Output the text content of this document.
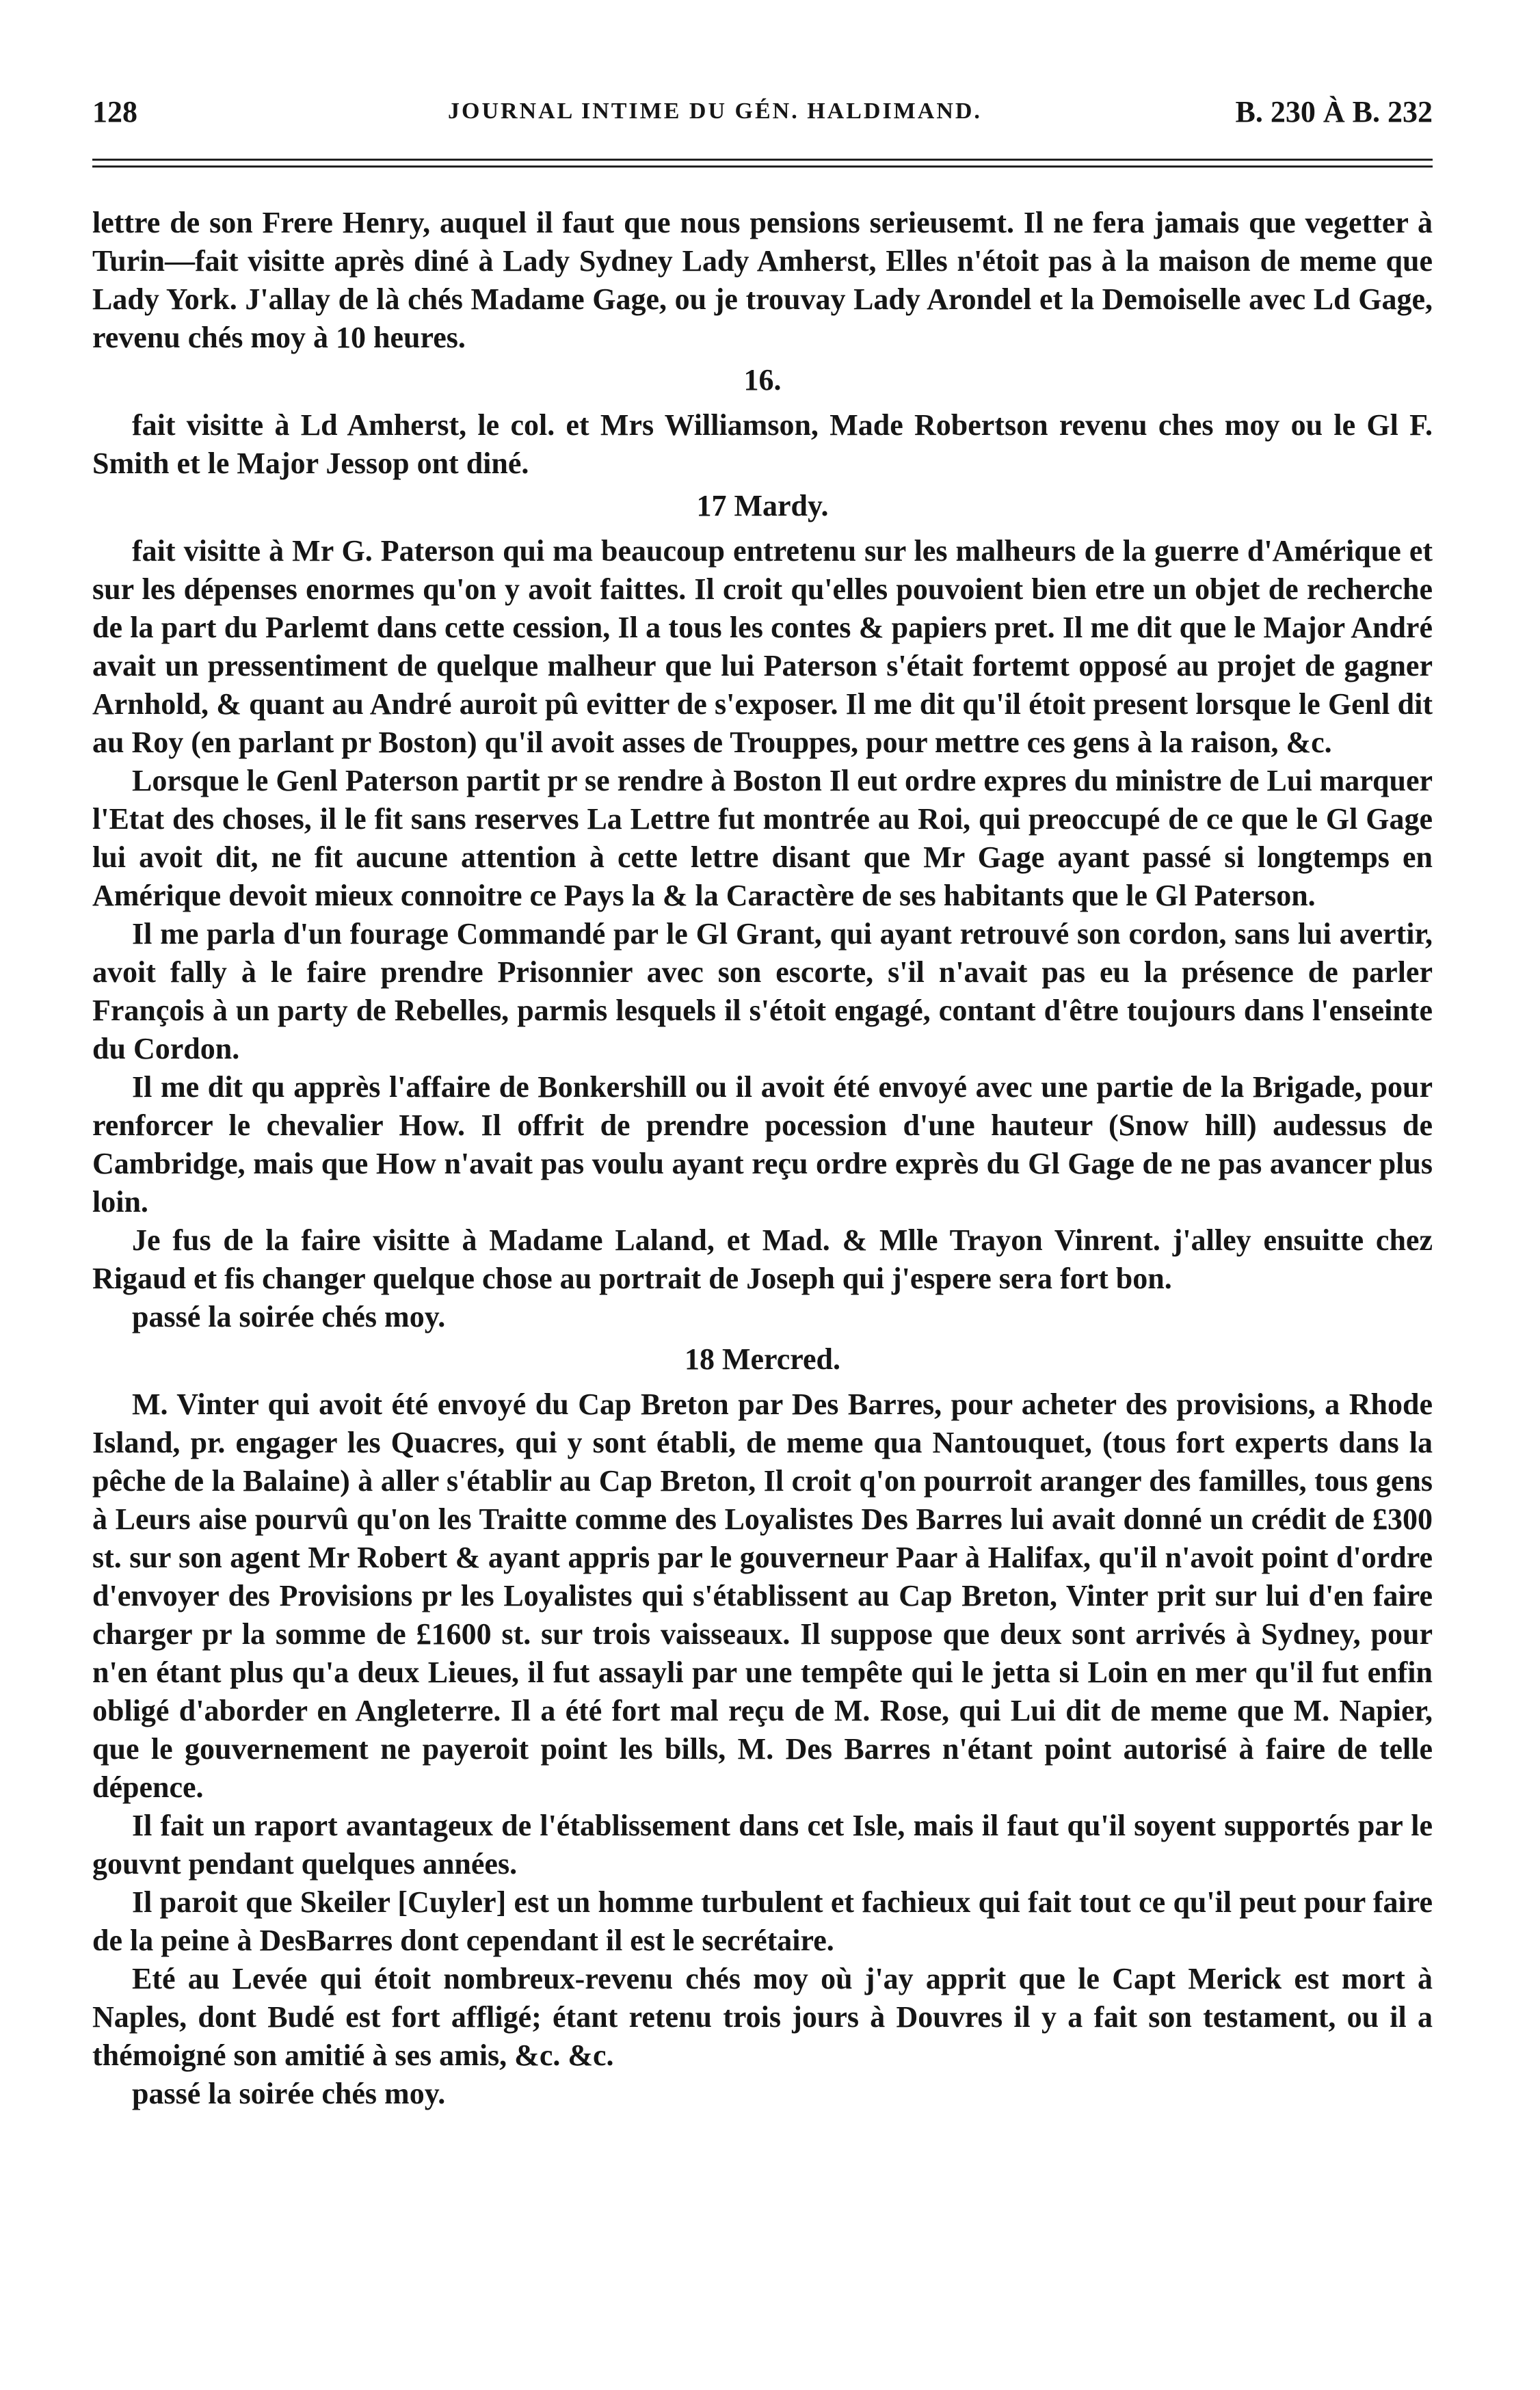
128	JOURNAL INTIME DU GÉN. HALDIMAND.	B. 230 À B. 232

lettre de son Frere Henry, auquel il faut que nous pensions serieusemt. Il ne fera jamais que vegetter à Turin—fait visitte après diné à Lady Sydney Lady Amherst, Elles n'étoit pas à la maison de meme que Lady York. J'allay de là chés Madame Gage, ou je trouvay Lady Arondel et la Demoiselle avec Ld Gage, revenu chés moy à 10 heures.

16.

fait visitte à Ld Amherst, le col. et Mrs Williamson, Made Robertson revenu ches moy ou le Gl F. Smith et le Major Jessop ont diné.

17 Mardy.

fait visitte à Mr G. Paterson qui ma beaucoup entretenu sur les malheurs de la guerre d'Amérique et sur les dépenses enormes qu'on y avoit faittes. Il croit qu'elles pouvoient bien etre un objet de recherche de la part du Parlemt dans cette cession, Il a tous les contes & papiers pret. Il me dit que le Major André avait un pressentiment de quelque malheur que lui Paterson s'était fortemt opposé au projet de gagner Arnhold, & quant au André auroit pû evitter de s'exposer. Il me dit qu'il étoit present lorsque le Genl dit au Roy (en parlant pr Boston) qu'il avoit asses de Trouppes, pour mettre ces gens à la raison, &c.

Lorsque le Genl Paterson partit pr se rendre à Boston Il eut ordre expres du ministre de Lui marquer l'Etat des choses, il le fit sans reserves La Lettre fut montrée au Roi, qui preoccupé de ce que le Gl Gage lui avoit dit, ne fit aucune attention à cette lettre disant que Mr Gage ayant passé si longtemps en Amérique devoit mieux connoitre ce Pays la & la Caractère de ses habitants que le Gl Paterson.

Il me parla d'un fourage Commandé par le Gl Grant, qui ayant retrouvé son cordon, sans lui avertir, avoit fally à le faire prendre Prisonnier avec son escorte, s'il n'avait pas eu la présence de parler François à un party de Rebelles, parmis lesquels il s'étoit engagé, contant d'être toujours dans l'enseinte du Cordon.

Il me dit qu apprès l'affaire de Bonkershill ou il avoit été envoyé avec une partie de la Brigade, pour renforcer le chevalier How. Il offrit de prendre pocession d'une hauteur (Snow hill) audessus de Cambridge, mais que How n'avait pas voulu ayant reçu ordre exprès du Gl Gage de ne pas avancer plus loin.

Je fus de la faire visitte à Madame Laland, et Mad. & Mlle Trayon Vinrent. j'alley ensuitte chez Rigaud et fis changer quelque chose au portrait de Joseph qui j'espere sera fort bon.

passé la soirée chés moy.

18 Mercred.

M. Vinter qui avoit été envoyé du Cap Breton par Des Barres, pour acheter des provisions, a Rhode Island, pr. engager les Quacres, qui y sont établi, de meme qua Nantouquet, (tous fort experts dans la pêche de la Balaine) à aller s'établir au Cap Breton, Il croit q'on pourroit aranger des familles, tous gens à Leurs aise pourvû qu'on les Traitte comme des Loyalistes Des Barres lui avait donné un crédit de £300 st. sur son agent Mr Robert & ayant appris par le gouverneur Paar à Halifax, qu'il n'avoit point d'ordre d'envoyer des Provisions pr les Loyalistes qui s'établissent au Cap Breton, Vinter prit sur lui d'en faire charger pr la somme de £1600 st. sur trois vaisseaux. Il suppose que deux sont arrivés à Sydney, pour n'en étant plus qu'a deux Lieues, il fut assayli par une tempête qui le jetta si Loin en mer qu'il fut enfin obligé d'aborder en Angleterre. Il a été fort mal reçu de M. Rose, qui Lui dit de meme que M. Napier, que le gouvernement ne payeroit point les bills, M. Des Barres n'étant point autorisé à faire de telle dépence.

Il fait un raport avantageux de l'établissement dans cet Isle, mais il faut qu'il soyent supportés par le gouvnt pendant quelques années.

Il paroit que Skeiler [Cuyler] est un homme turbulent et fachieux qui fait tout ce qu'il peut pour faire de la peine à DesBarres dont cependant il est le secrétaire.

Eté au Levée qui étoit nombreux-revenu chés moy où j'ay apprit que le Capt Merick est mort à Naples, dont Budé est fort affligé; étant retenu trois jours à Douvres il y a fait son testament, ou il a thémoigné son amitié à ses amis, &c. &c.

passé la soirée chés moy.
